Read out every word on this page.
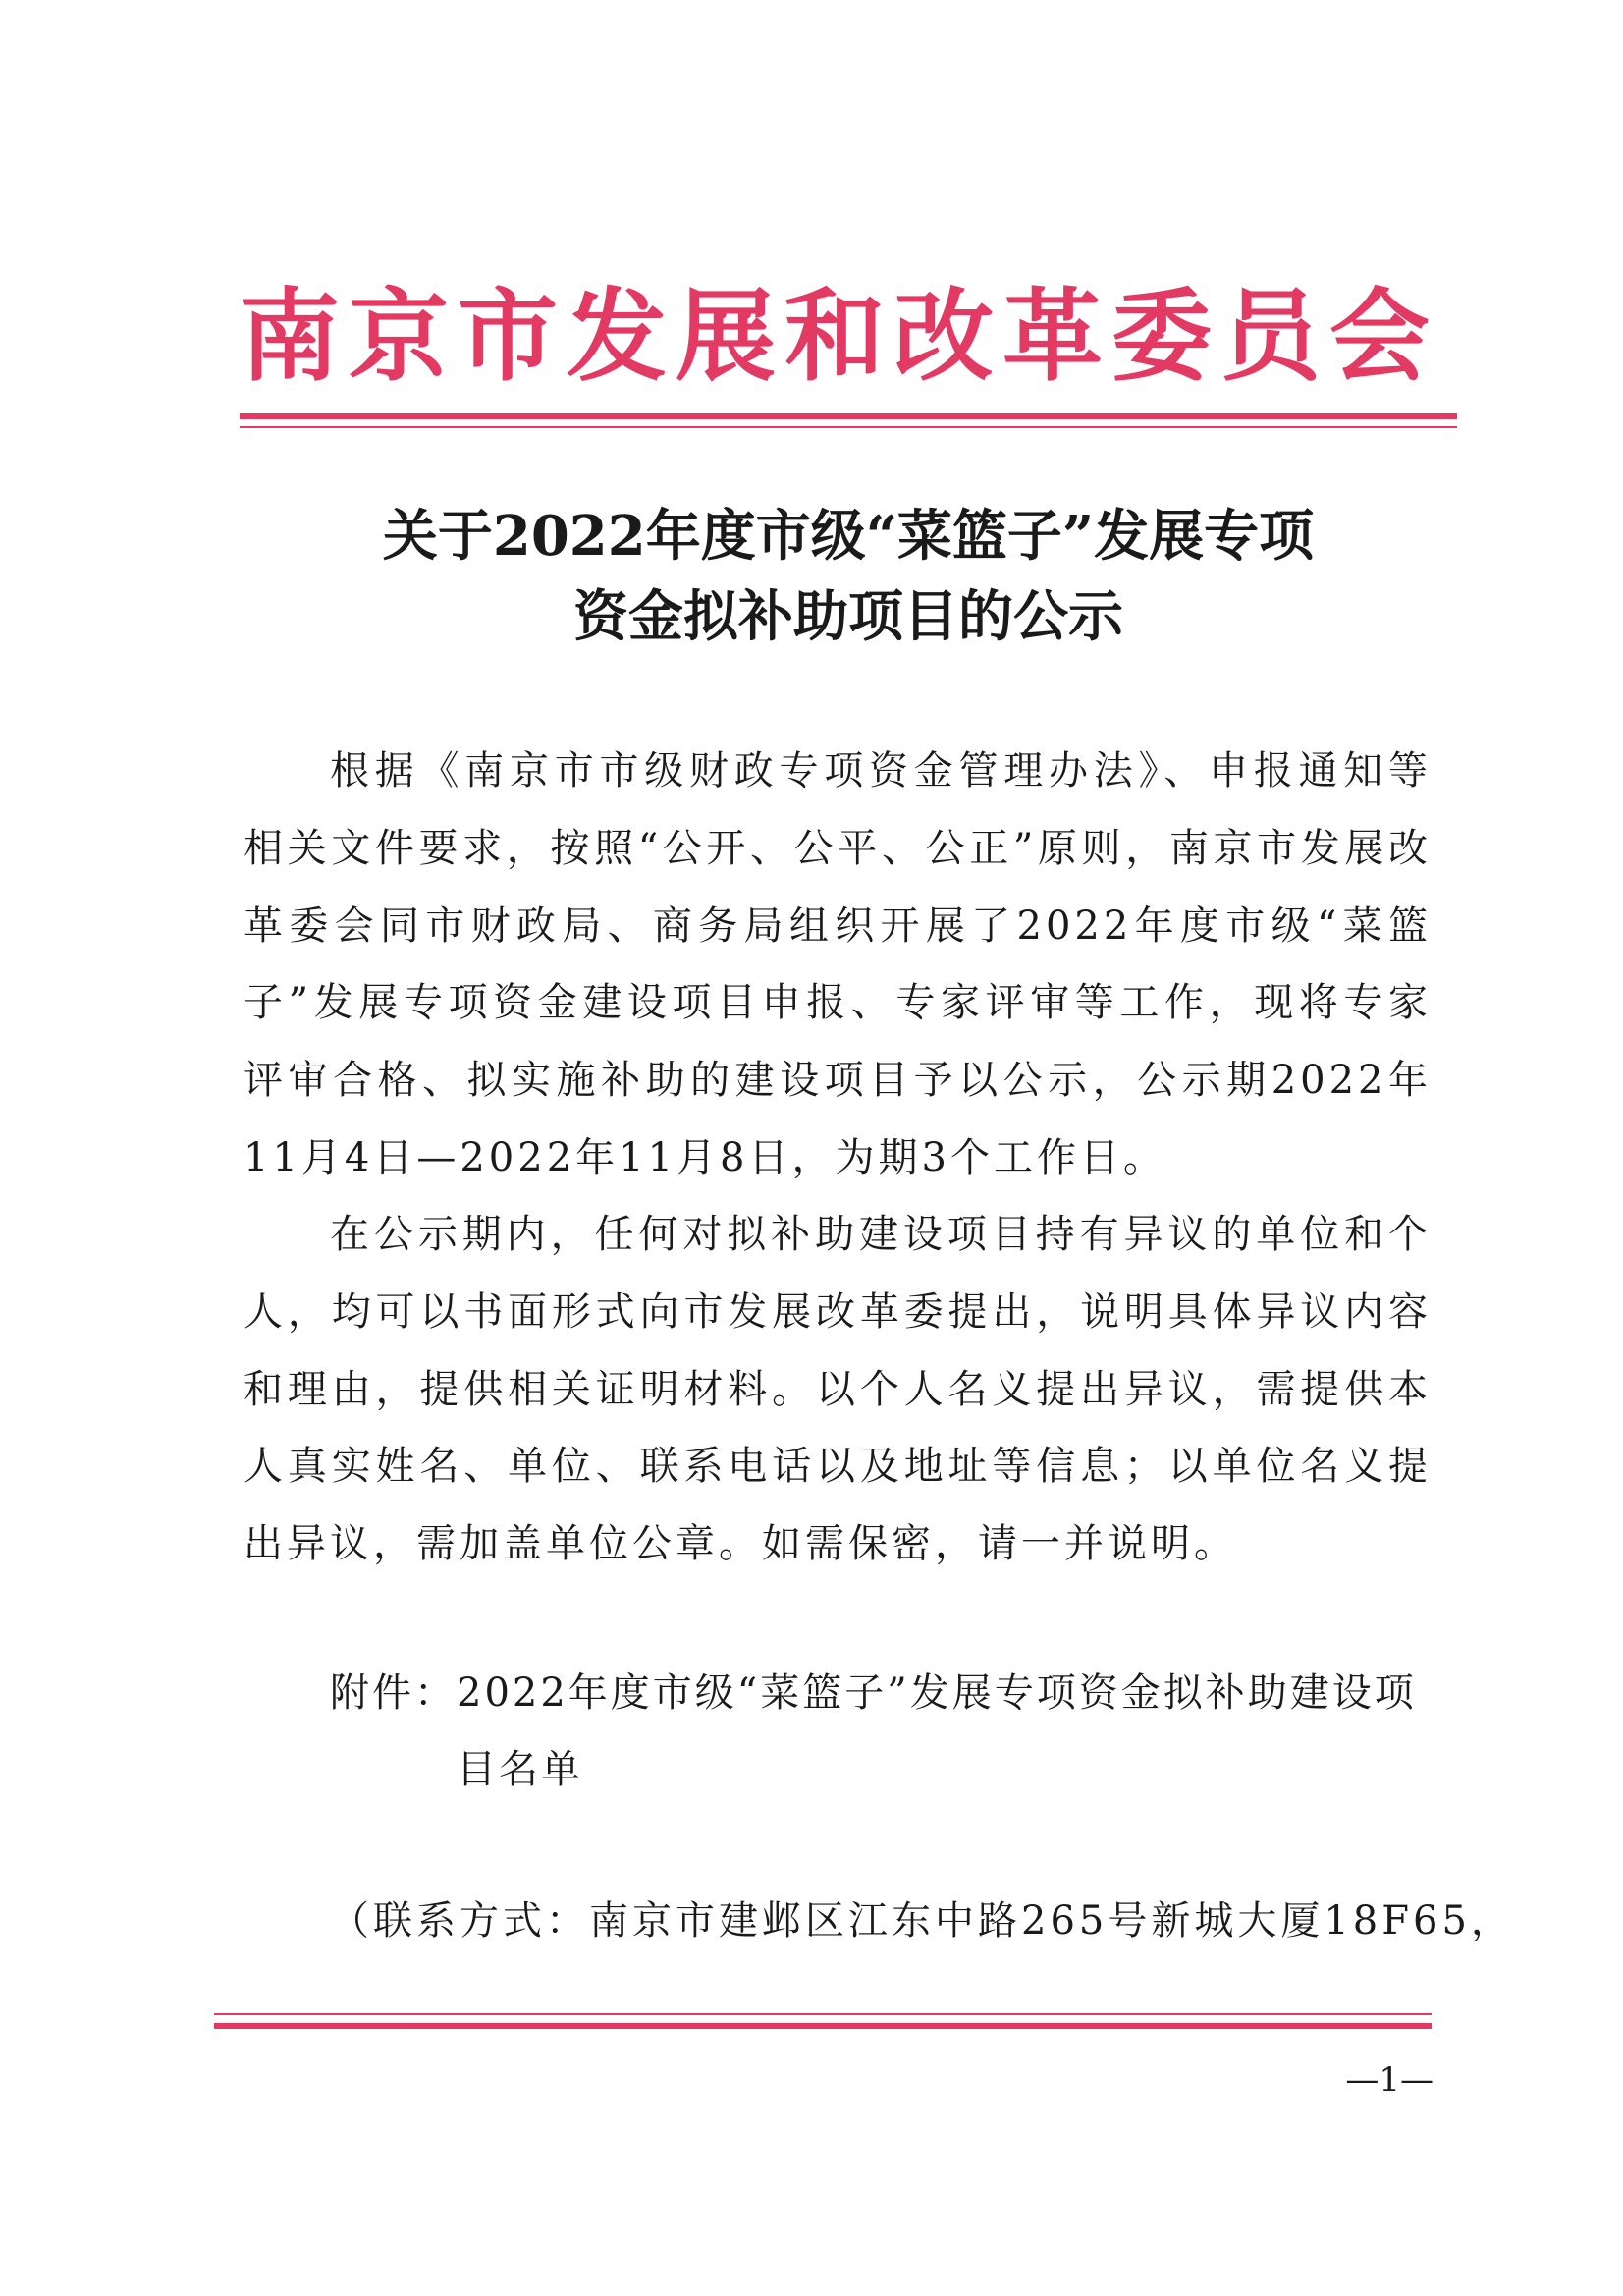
南京市发展和改革委员会
关于2022年度市级“菜篮子”发展专项
资金拟补助项目的公示
根据《南京市市级财政专项资金管理办法》、申报通知等相关文件要求，按照“公开、公平、公正”原则，南京市发展改革委会同市财政局、商务局组织开展了2022年度市级“菜篮子”发展专项资金建设项目申报、专家评审等工作，现将专家评审合格、拟实施补助的建设项目予以公示，公示期2022年11月4日—2022年11月8日，为期3个工作日。
在公示期内，任何对拟补助建设项目持有异议的单位和个人，均可以书面形式向市发展改革委提出，说明具体异议内容和理由，提供相关证明材料。以个人名义提出异议，需提供本人真实姓名、单位、联系电话以及地址等信息；以单位名义提出异议，需加盖单位公章。如需保密，请一并说明。
附件： 2022年度市级“菜篮子”发展专项资金拟补助建设项目名单
（联系方式：南京市建邺区江东中路265号新城大厦18F65，
—1—
